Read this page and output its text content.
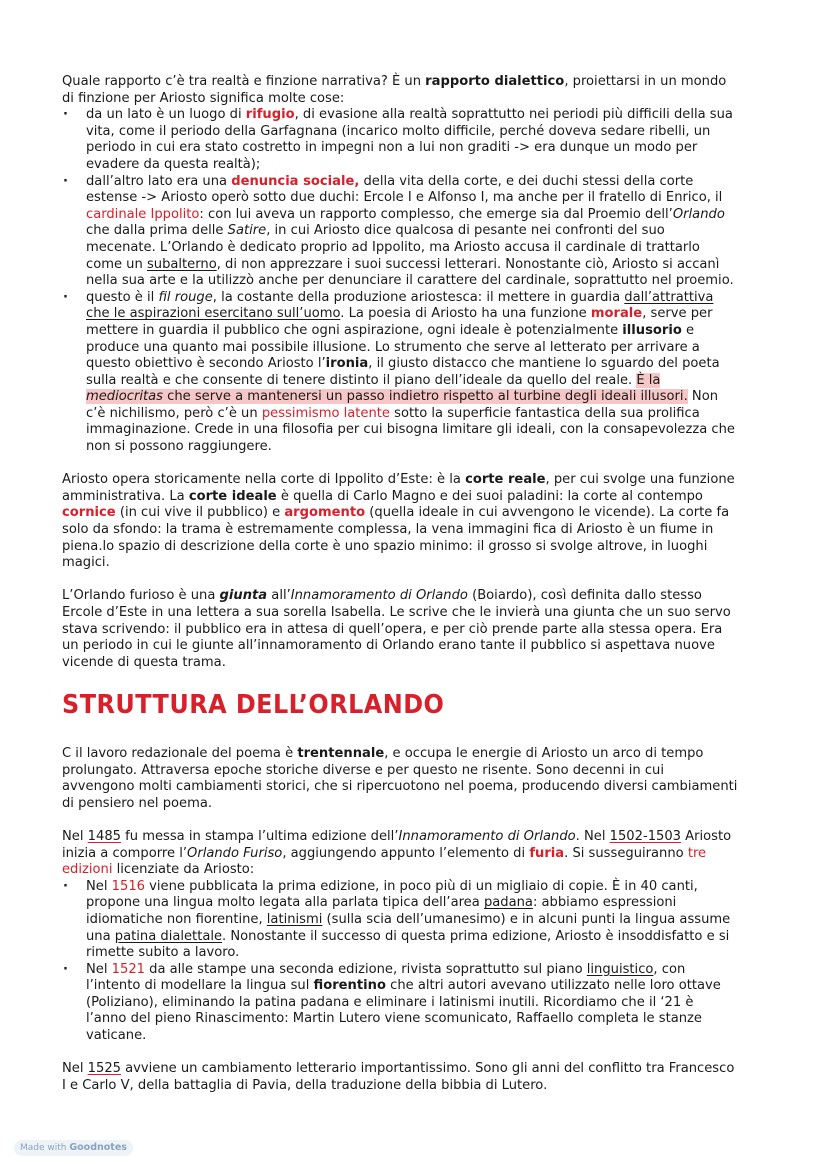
Quale rapporto c’è tra realtà e finzione narrativa? È un rapporto dialettico, proiettarsi in un mondo di finzione per Ariosto significa molte cose:

· da un lato è un luogo di rifugio, di evasione alla realtà soprattutto nei periodi più difficili della sua vita, come il periodo della Garfagnana (incarico molto difficile, perché doveva sedare ribelli, un periodo in cui era stato costretto in impegni non a lui non graditi -> era dunque un modo per evadere da questa realtà);
· dall’altro lato era una denuncia sociale, della vita della corte, e dei duchi stessi della corte estense -> Ariosto operò sotto due duchi: Ercole I e Alfonso I, ma anche per il fratello di Enrico, il cardinale Ippolito: con lui aveva un rapporto complesso, che emerge sia dal Proemio dell’Orlando che dalla prima delle Satire, in cui Ariosto dice qualcosa di pesante nei confronti del suo mecenate. L’Orlando è dedicato proprio ad Ippolito, ma Ariosto accusa il cardinale di trattarlo come un subalterno, di non apprezzare i suoi successi letterari. Nonostante ciò, Ariosto si accanì nella sua arte e la utilizzò anche per denunciare il carattere del cardinale, soprattutto nel proemio.
· questo è il fil rouge, la costante della produzione ariostesca: il mettere in guardia dall’attrattiva che le aspirazioni esercitano sull’uomo. La poesia di Ariosto ha una funzione morale, serve per mettere in guardia il pubblico che ogni aspirazione, ogni ideale è potenzialmente illusorio e produce una quanto mai possibile illusione. Lo strumento che serve al letterato per arrivare a questo obiettivo è secondo Ariosto l’ironia, il giusto distacco che mantiene lo sguardo del poeta sulla realtà e che consente di tenere distinto il piano dell’ideale da quello del reale. È la mediocritas che serve a mantenersi un passo indietro rispetto al turbine degli ideali illusori. Non c’è nichilismo, però c’è un pessimismo latente sotto la superficie fantastica della sua prolifica immaginazione. Crede in una filosofia per cui bisogna limitare gli ideali, con la consapevolezza che non si possono raggiungere.

Ariosto opera storicamente nella corte di Ippolito d’Este: è la corte reale, per cui svolge una funzione amministrativa. La corte ideale è quella di Carlo Magno e dei suoi paladini: la corte al contempo cornice (in cui vive il pubblico) e argomento (quella ideale in cui avvengono le vicende). La corte fa solo da sfondo: la trama è estremamente complessa, la vena immagini fica di Ariosto è un fiume in piena.lo spazio di descrizione della corte è uno spazio minimo: il grosso si svolge altrove, in luoghi magici.

L’Orlando furioso è una giunta all’Innamoramento di Orlando (Boiardo), così definita dallo stesso Ercole d’Este in una lettera a sua sorella Isabella. Le scrive che le invierà una giunta che un suo servo stava scrivendo: il pubblico era in attesa di quell’opera, e per ciò prende parte alla stessa opera. Era un periodo in cui le giunte all’innamoramento di Orlando erano tante il pubblico si aspettava nuove vicende di questa trama.

STRUTTURA DELL’ORLANDO

C il lavoro redazionale del poema è trentennale, e occupa le energie di Ariosto un arco di tempo prolungato. Attraversa epoche storiche diverse e per questo ne risente. Sono decenni in cui avvengono molti cambiamenti storici, che si ripercuotono nel poema, producendo diversi cambiamenti di pensiero nel poema.

Nel 1485 fu messa in stampa l’ultima edizione dell’Innamoramento di Orlando. Nel 1502-1503 Ariosto inizia a comporre l’Orlando Furiso, aggiungendo appunto l’elemento di furia. Si susseguiranno tre edizioni licenziate da Ariosto:

· Nel 1516 viene pubblicata la prima edizione, in poco più di un migliaio di copie. È in 40 canti, propone una lingua molto legata alla parlata tipica dell’area padana: abbiamo espressioni idiomatiche non fiorentine, latinismi (sulla scia dell’umanesimo) e in alcuni punti la lingua assume una patina dialettale. Nonostante il successo di questa prima edizione, Ariosto è insoddisfatto e si rimette subito a lavoro.
· Nel 1521 da alle stampe una seconda edizione, rivista soprattutto sul piano linguistico, con l’intento di modellare la lingua sul fiorentino che altri autori avevano utilizzato nelle loro ottave (Poliziano), eliminando la patina padana e eliminare i latinismi inutili. Ricordiamo che il ‘21 è l’anno del pieno Rinascimento: Martin Lutero viene scomunicato, Raffaello completa le stanze vaticane.

Nel 1525 avviene un cambiamento letterario importantissimo. Sono gli anni del conflitto tra Francesco I e Carlo V, della battaglia di Pavia, della traduzione della bibbia di Lutero.

Made with Goodnotes
